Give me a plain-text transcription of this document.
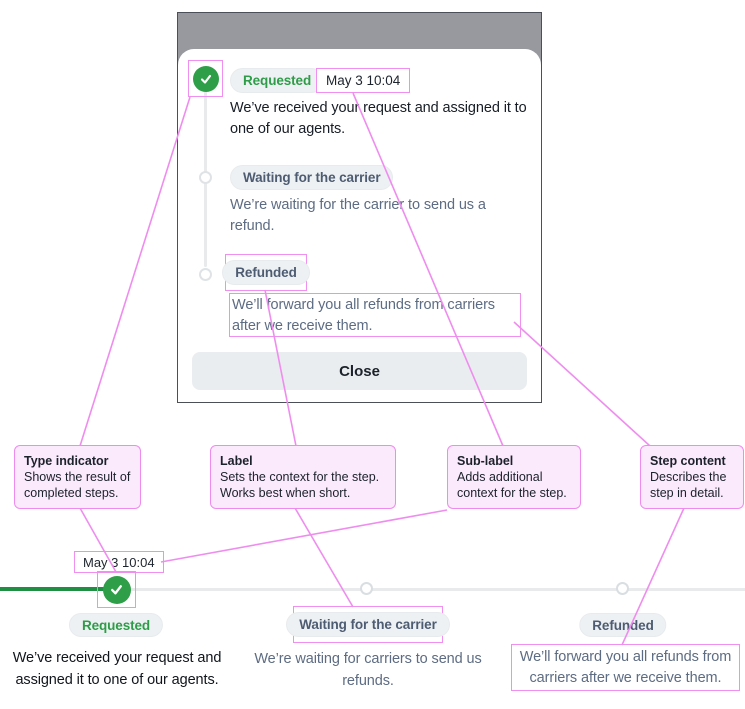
Requested	May 3 10:04

We’ve received your request and assigned it to one of our agents.

Waiting for the carrier

We’re waiting for the carrier to send us a refund.

Refunded

We’ll forward you all refunds from carriers after we receive them.

Close
Type indicator
Shows the result of completed steps.
Label
Sets the context for the step. Works best when short.
Sub-label
Adds additional context for the step.
Step content
Describes the step in detail.
May 3 10:04
Requested

We’ve received your request and assigned it to one of our agents.

Waiting for the carrier

We’re waiting for carriers to send us refunds.

Refunded

We’ll forward you all refunds from carriers after we receive them.
